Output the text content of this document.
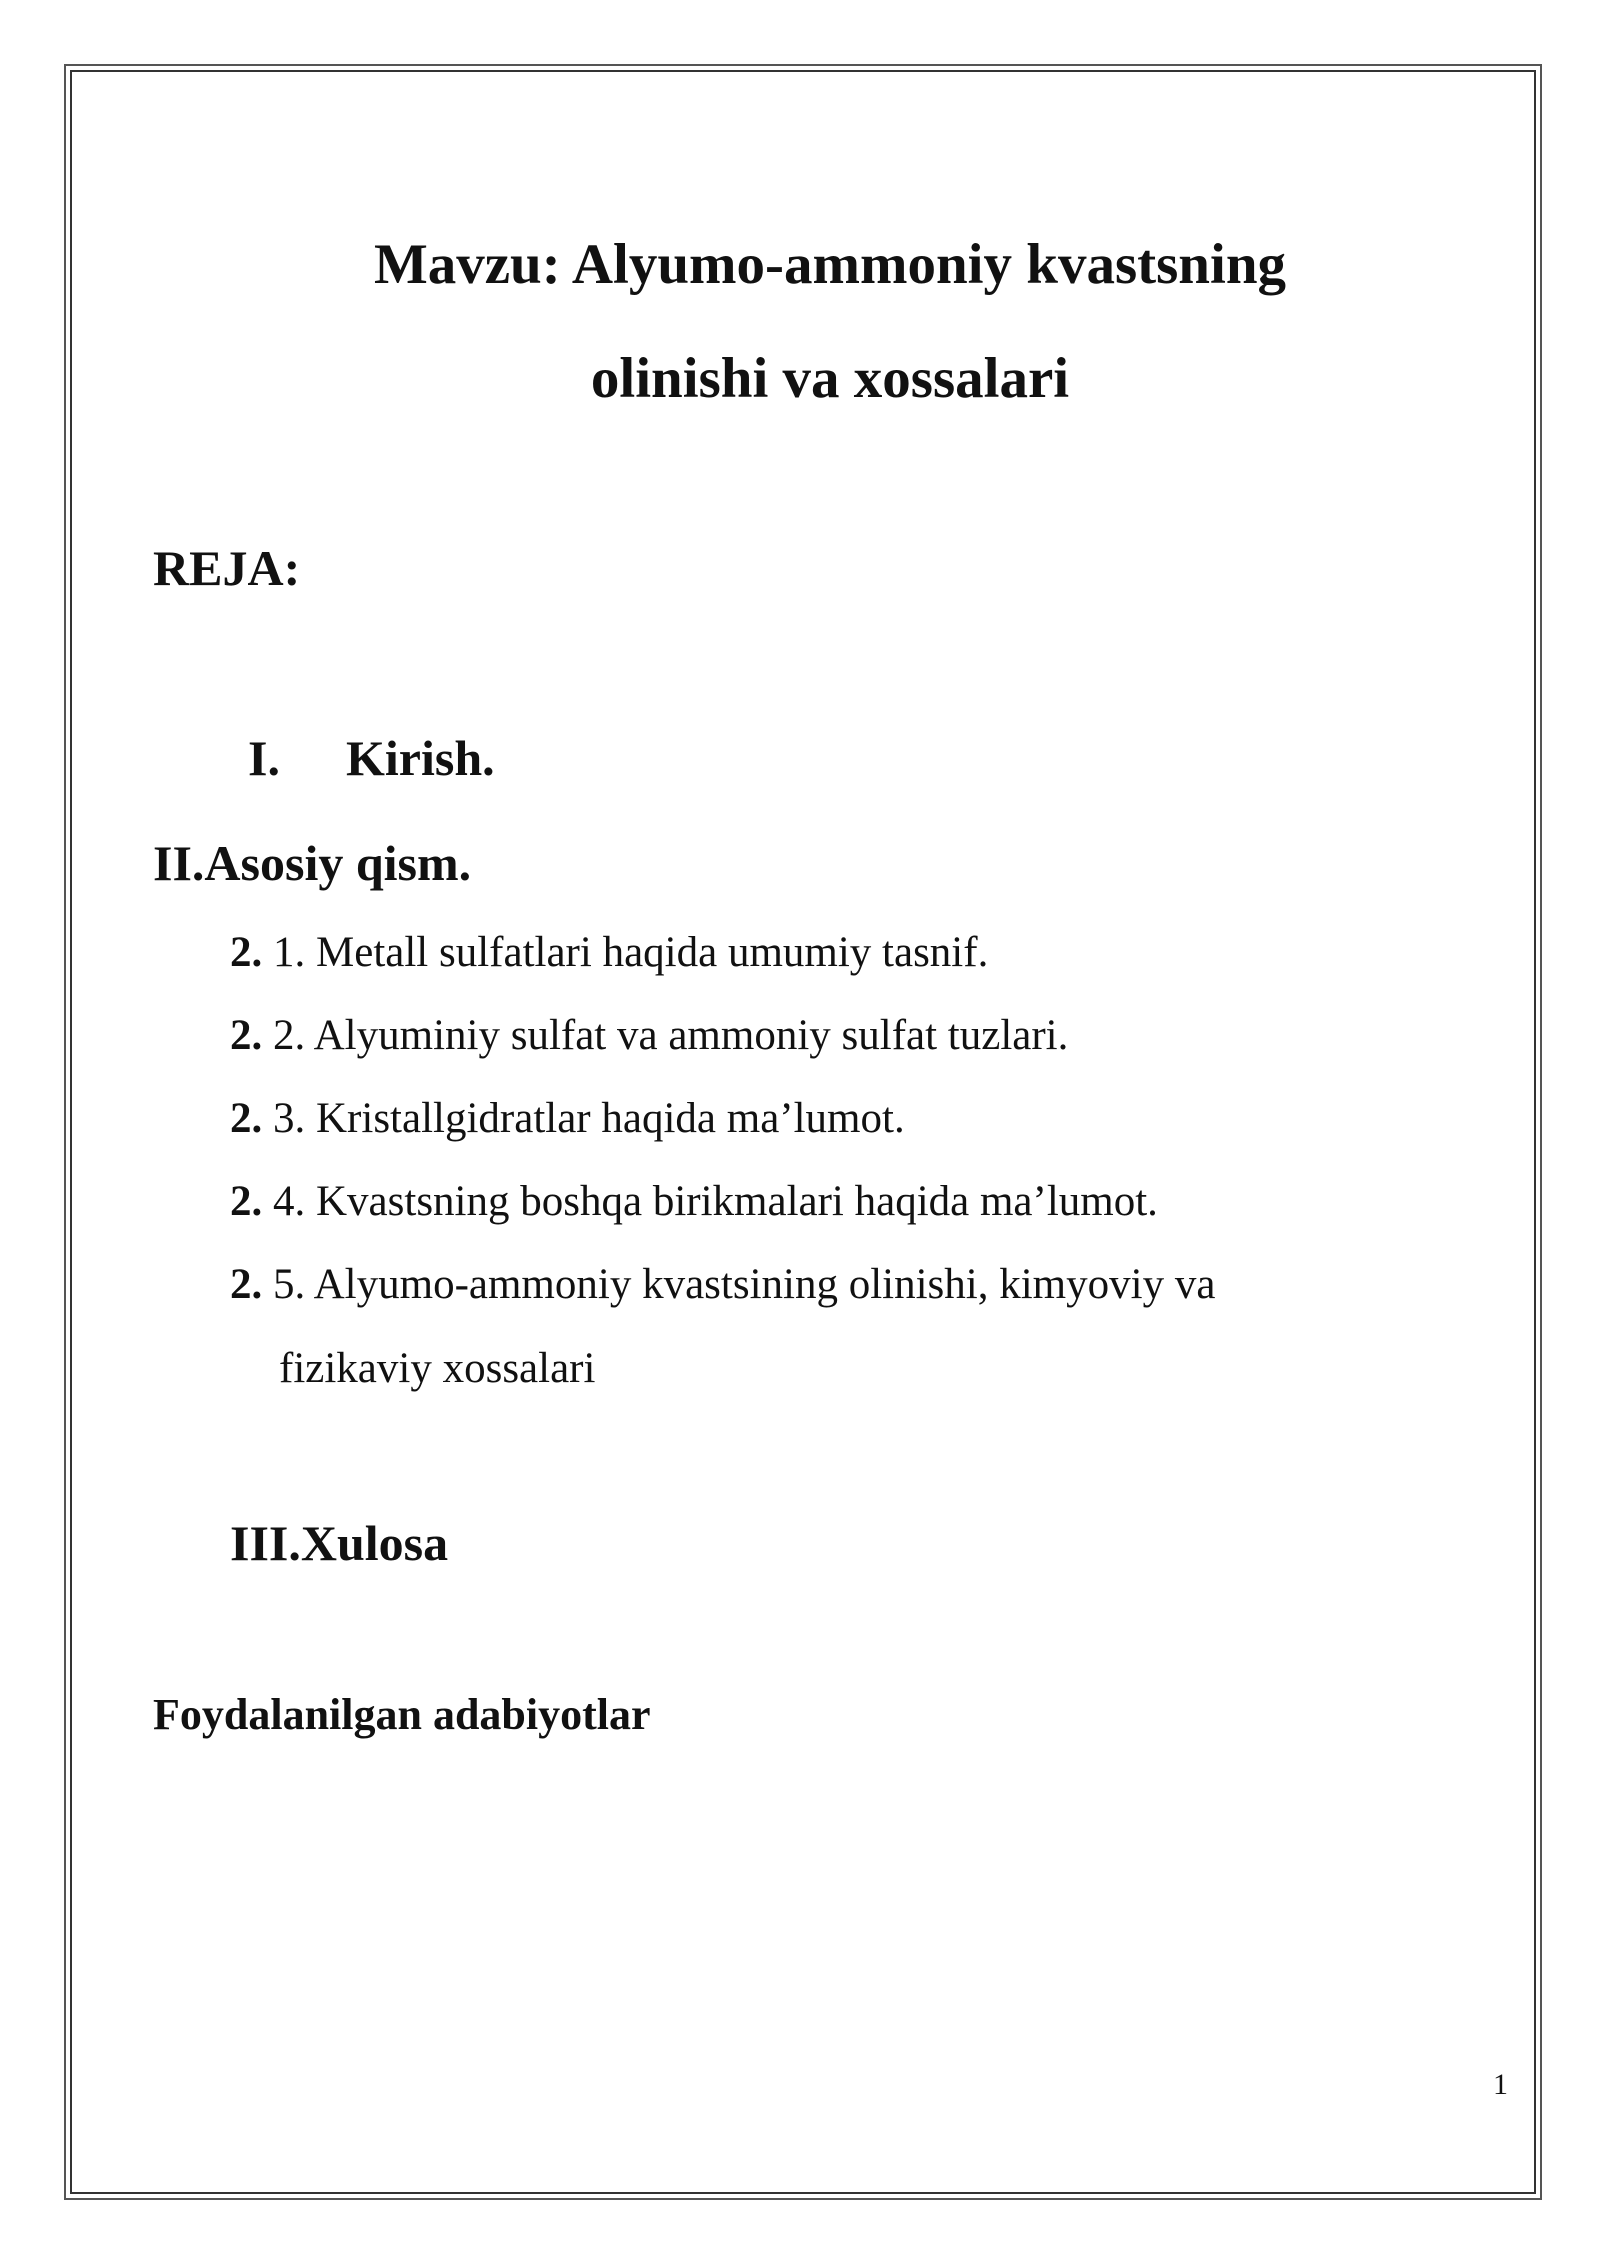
Mavzu: Alyumo-ammoniy kvastsning
olinishi va xossalari
REJA:
I. Kirish.
II.Asosiy qism.
2. 1. Metall sulfatlari haqida umumiy tasnif.
2. 2. Alyuminiy sulfat va ammoniy sulfat tuzlari.
2. 3. Kristallgidratlar haqida ma’lumot.
2. 4. Kvastsning boshqa birikmalari haqida ma’lumot.
2. 5. Alyumo-ammoniy kvastsining olinishi, kimyoviy va
fizikaviy xossalari
III.Xulosa
Foydalanilgan adabiyotlar
1
